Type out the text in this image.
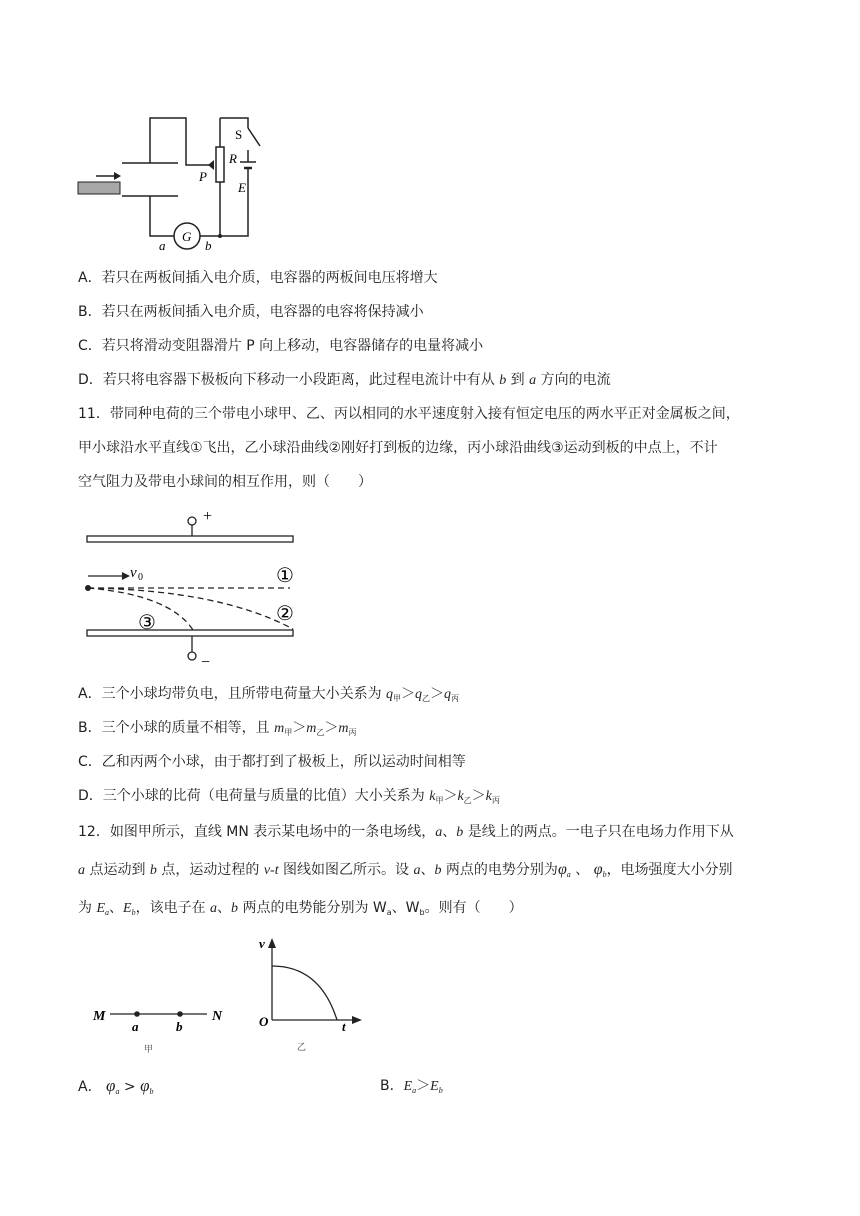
S
R
P
E
G
a	b
A．若只在两板间插入电介质，电容器的两板间电压将增大
B．若只在两板间插入电介质，电容器的电容将保持减小
C．若只将滑动变阻器滑片 P 向上移动，电容器储存的电量将减小
D．若只将电容器下极板向下移动一小段距离，此过程电流计中有从 b 到 a 方向的电流
11．带同种电荷的三个带电小球甲、乙、丙以相同的水平速度射入接有恒定电压的两水平正对金属板之间，
甲小球沿水平直线①飞出，乙小球沿曲线②刚好打到板的边缘，丙小球沿曲线③运动到板的中点上，不计
空气阻力及带电小球间的相互作用，则（　　）
+
−
v 0	①
②
③
A．三个小球均带负电，且所带电荷量大小关系为 $q_甲>q_乙>q_丙$
B．三个小球的质量不相等，且 $m_甲>m_乙>m_丙$
C．乙和丙两个小球，由于都打到了极板上，所以运动时间相等
D．三个小球的比荷（电荷量与质量的比值）大小关系为 $k_甲>k_乙>k_丙$
12．如图甲所示，直线 MN 表示某电场中的一条电场线，a、b 是线上的两点。一电子只在电场力作用下从
a 点运动到 b 点，运动过程的 v-t 图线如图乙所示。设 a、b 两点的电势分别为$\varphi_a$ 、 $\varphi_b$，电场强度大小分别
为 $E_a$、$E_b$，该电子在 a、b 两点的电势能分别为 $W_a$、$W_b$。则有（　　）
M
a	b
N
甲
v
O	t
乙
A． $\varphi_a > \varphi_b$	B．$E_a>E_b$
